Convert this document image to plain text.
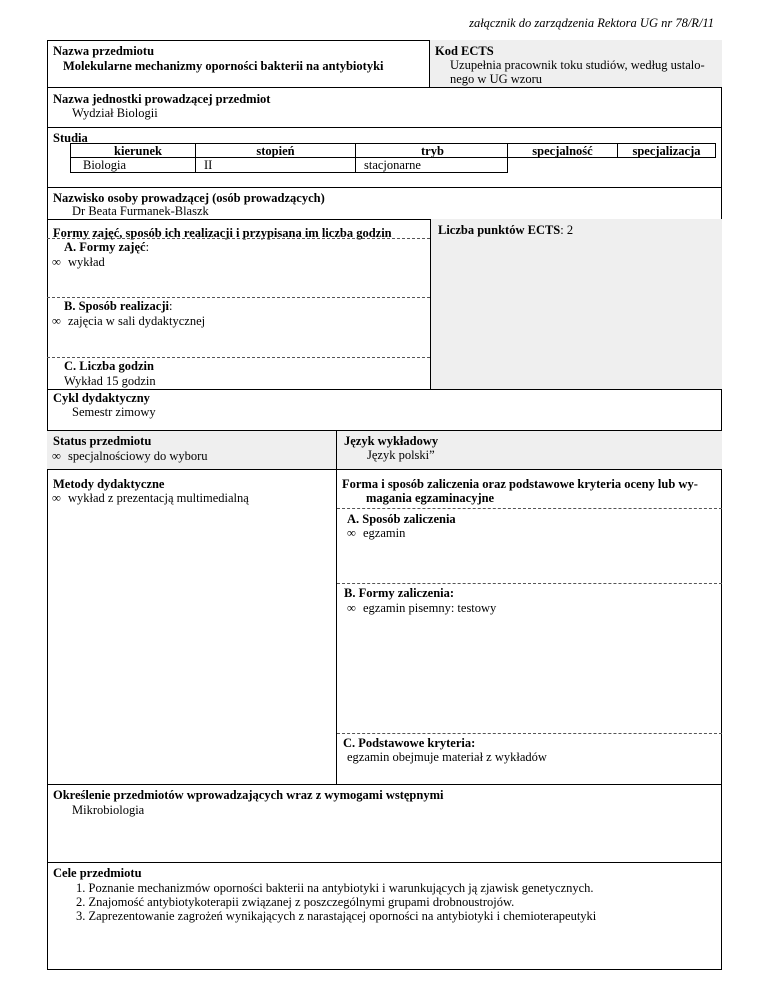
załącznik do zarządzenia Rektora UG nr 78/R/11
Nazwa przedmiotu
Molekularne mechanizmy oporności bakterii na antybiotyki
Kod ECTS
Uzupełnia pracownik toku studiów, według ustalo-
nego w UG wzoru
Nazwa jednostki prowadzącej przedmiot
Wydział Biologii
Studia
kierunek	stopień	tryb	specjalność	specjalizacja
Biologia	II	stacjonarne
Nazwisko osoby prowadzącej (osób prowadzących)
Dr Beata Furmanek-Blaszk
Liczba punktów ECTS: 2
Formy zajęć, sposób ich realizacji i przypisana im liczba godzin
A. Formy zajęć:
∞ wykład
B. Sposób realizacji:
∞ zajęcia w sali dydaktycznej
C. Liczba godzin
Wykład 15 godzin
Cykl dydaktyczny
Semestr zimowy
Status przedmiotu
∞ specjalnościowy do wyboru
Język wykładowy
Język polski”
Metody dydaktyczne
∞ wykład z prezentacją multimedialną
Forma i sposób zaliczenia oraz podstawowe kryteria oceny lub wy-
magania egzaminacyjne
A. Sposób zaliczenia
∞ egzamin
B. Formy zaliczenia:
∞ egzamin pisemny: testowy
C. Podstawowe kryteria:
egzamin obejmuje materiał z wykładów
Określenie przedmiotów wprowadzających wraz z wymogami wstępnymi
Mikrobiologia
Cele przedmiotu
1. Poznanie mechanizmów oporności bakterii na antybiotyki i warunkujących ją zjawisk genetycznych.
2. Znajomość antybiotykoterapii związanej z poszczególnymi grupami drobnoustrojów.
3. Zaprezentowanie zagrożeń wynikających z narastającej oporności na antybiotyki i chemioterapeutyki
